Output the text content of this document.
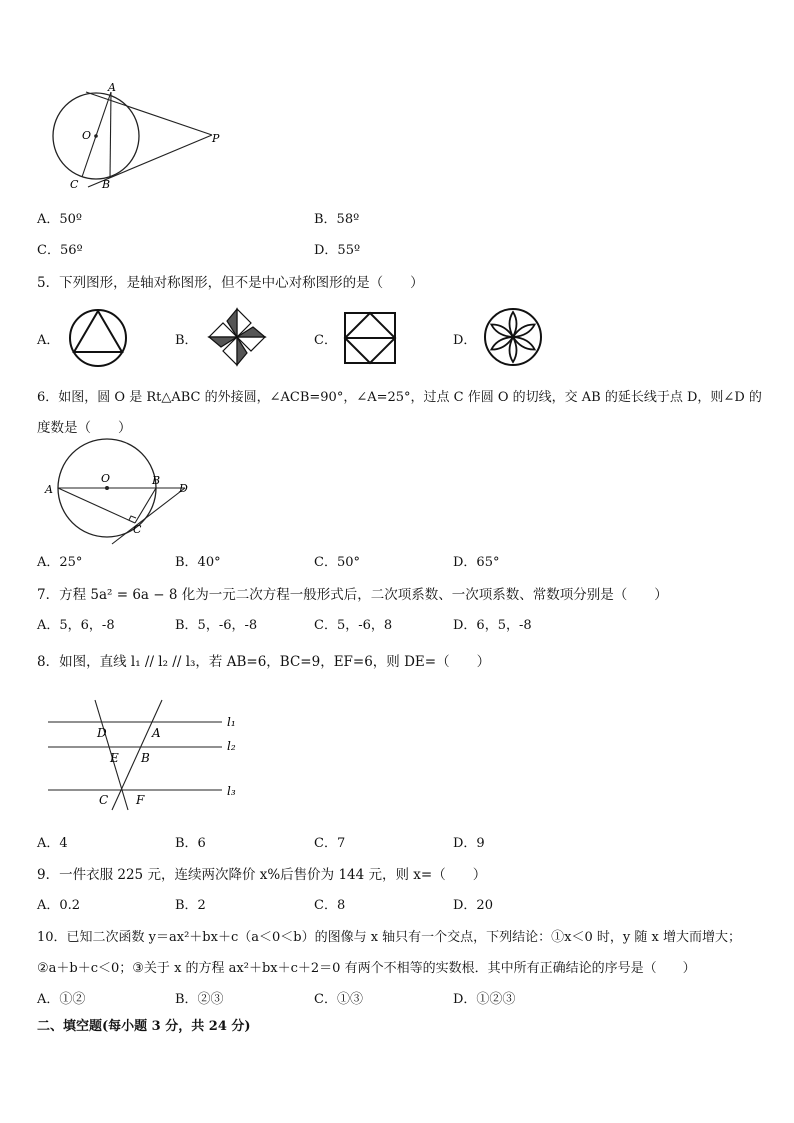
A
O	P
C B
A．50º	B．58º
C．56º	D．55º
5．下列图形，是轴对称图形，但不是中心对称图形的是（　　）
A．	B．	C．	D．
6．如图，圆 O 是 Rt△ABC 的外接圆，∠ACB=90°，∠A=25°，过点 C 作圆 O 的切线，交 AB 的延长线于点 D，则∠D 的
度数是（　　）
A
O	B
D
C
A．25°	B．40°	C．50°	D．65°
7．方程 5a² = 6a − 8 化为一元二次方程一般形式后，二次项系数、一次项系数、常数项分别是（　　）
A．5，6，-8	B．5，-6，-8	C．5，-6，8	D．6，5，-8
8．如图，直线 l₁ // l₂ // l₃，若 AB=6，BC=9，EF=6，则 DE=（　　）
l₁
l₂
l₃
D	A
E B
C F
A．4	B．6	C．7	D．9
9．一件衣服 225 元，连续两次降价 x%后售价为 144 元，则 x=（　　）
A．0.2	B．2	C．8	D．20
10．已知二次函数 y＝ax²＋bx＋c（a＜0＜b）的图像与 x 轴只有一个交点，下列结论：①x＜0 时，y 随 x 增大而增大；
②a＋b＋c＜0；③关于 x 的方程 ax²＋bx＋c＋2＝0 有两个不相等的实数根．其中所有正确结论的序号是（　　）
A．①②	B．②③	C．①③	D．①②③
二、填空题(每小题 3 分，共 24 分)
